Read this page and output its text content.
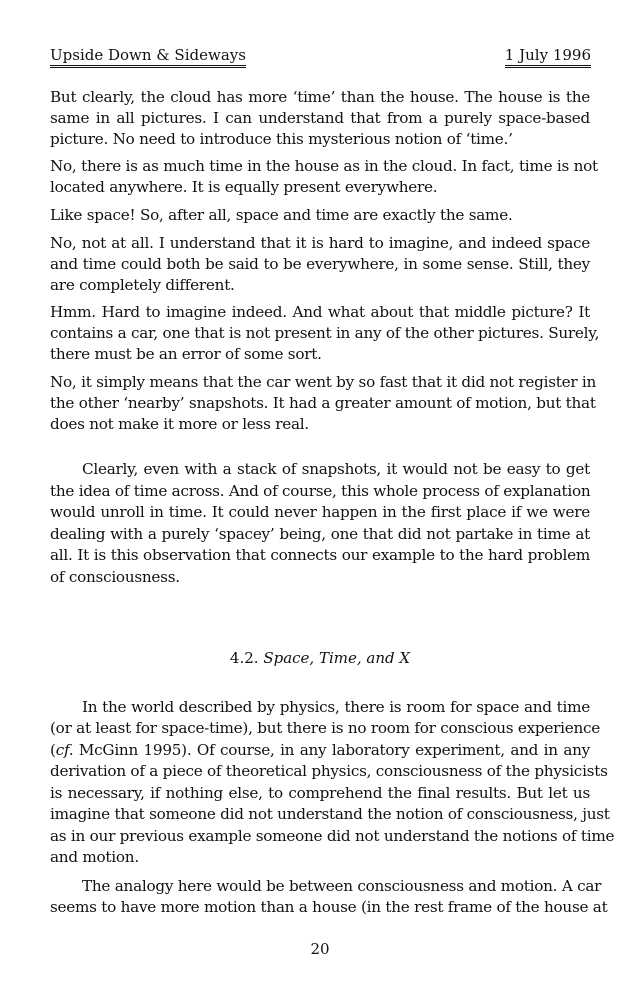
Upside Down & Sideways	1 July 1996
But clearly, the cloud has more ‘time’ than the house. The house is the
same in all pictures. I can understand that from a purely space-based
picture. No need to introduce this mysterious notion of ‘time.’
No, there is as much time in the house as in the cloud. In fact, time is not
located anywhere. It is equally present everywhere.
Like space! So, after all, space and time are exactly the same.
No, not at all. I understand that it is hard to imagine, and indeed space
and time could both be said to be everywhere, in some sense. Still, they
are completely different.
Hmm. Hard to imagine indeed. And what about that middle picture? It
contains a car, one that is not present in any of the other pictures. Surely,
there must be an error of some sort.
No, it simply means that the car went by so fast that it did not register in
the other ‘nearby’ snapshots. It had a greater amount of motion, but that
does not make it more or less real.
Clearly, even with a stack of snapshots, it would not be easy to get
the idea of time across. And of course, this whole process of explanation
would unroll in time. It could never happen in the first place if we were
dealing with a purely ‘spacey’ being, one that did not partake in time at
all. It is this observation that connects our example to the hard problem
of consciousness.
4.2. Space, Time, and X
In the world described by physics, there is room for space and time
(or at least for space-time), but there is no room for conscious experience
(cf. McGinn 1995). Of course, in any laboratory experiment, and in any
derivation of a piece of theoretical physics, consciousness of the physicists
is necessary, if nothing else, to comprehend the final results. But let us
imagine that someone did not understand the notion of consciousness, just
as in our previous example someone did not understand the notions of time
and motion.
The analogy here would be between consciousness and motion. A car
seems to have more motion than a house (in the rest frame of the house at
20
